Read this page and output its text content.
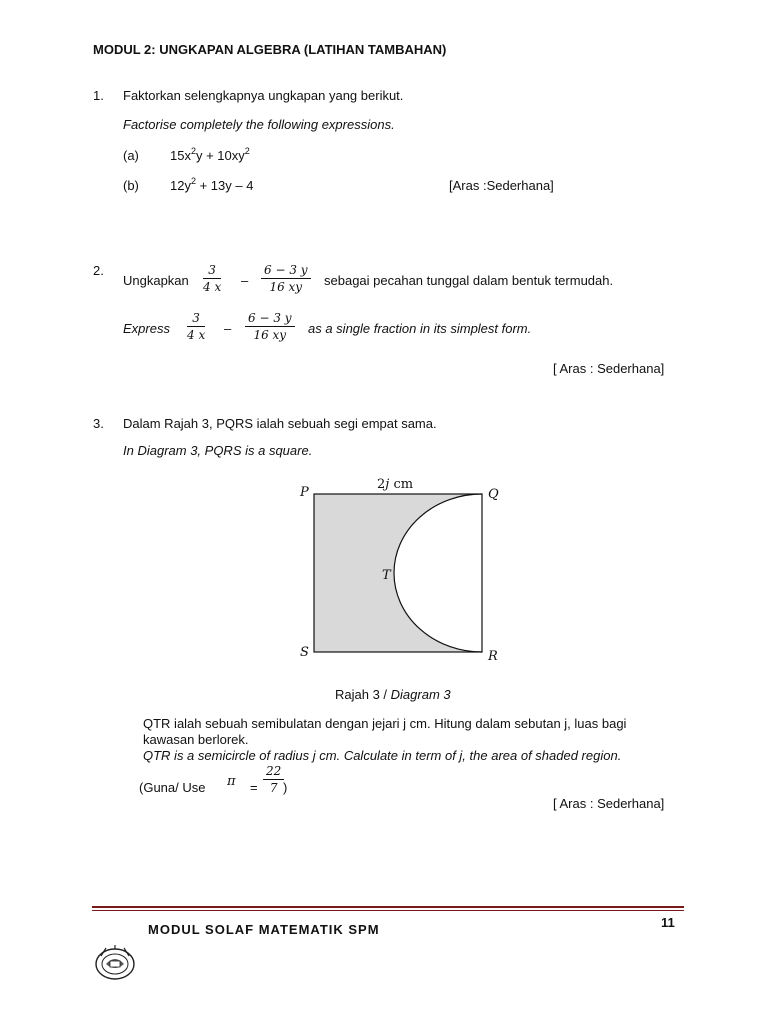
MODUL 2: UNGKAPAN ALGEBRA (LATIHAN TAMBAHAN)
1. Faktorkan selengkapnya ungkapan yang berikut.
Factorise completely the following expressions.
(a) $15x^2y + 10xy^2$
(b) $12y^2 + 13y - 4$	[Aras :Sederhana]
2.
Ungkapkan $\frac{3}{4 x} - \frac{6 - 3 y}{16 xy}$ sebagai pecahan tunggal dalam bentuk termudah.
Express $\frac{3}{4 x} - \frac{6 - 3 y}{16 xy}$ as a single fraction in its simplest form.
[ Aras : Sederhana]
3. Dalam Rajah 3, PQRS ialah sebuah segi empat sama.
In Diagram 3, PQRS is a square.
P	Q
R
S
T
2j cm
Rajah 3 / Diagram 3
QTR ialah sebuah semibulatan dengan jejari j cm. Hitung dalam sebutan j, luas bagi
kawasan berlorek.
QTR is a semicircle of radius j cm. Calculate in term of j, the area of shaded region.
(Guna/ Use $\pi = \frac{22}{7}$
)
[ Aras : Sederhana]
11
MODUL SOLAF MATEMATIK SPM
